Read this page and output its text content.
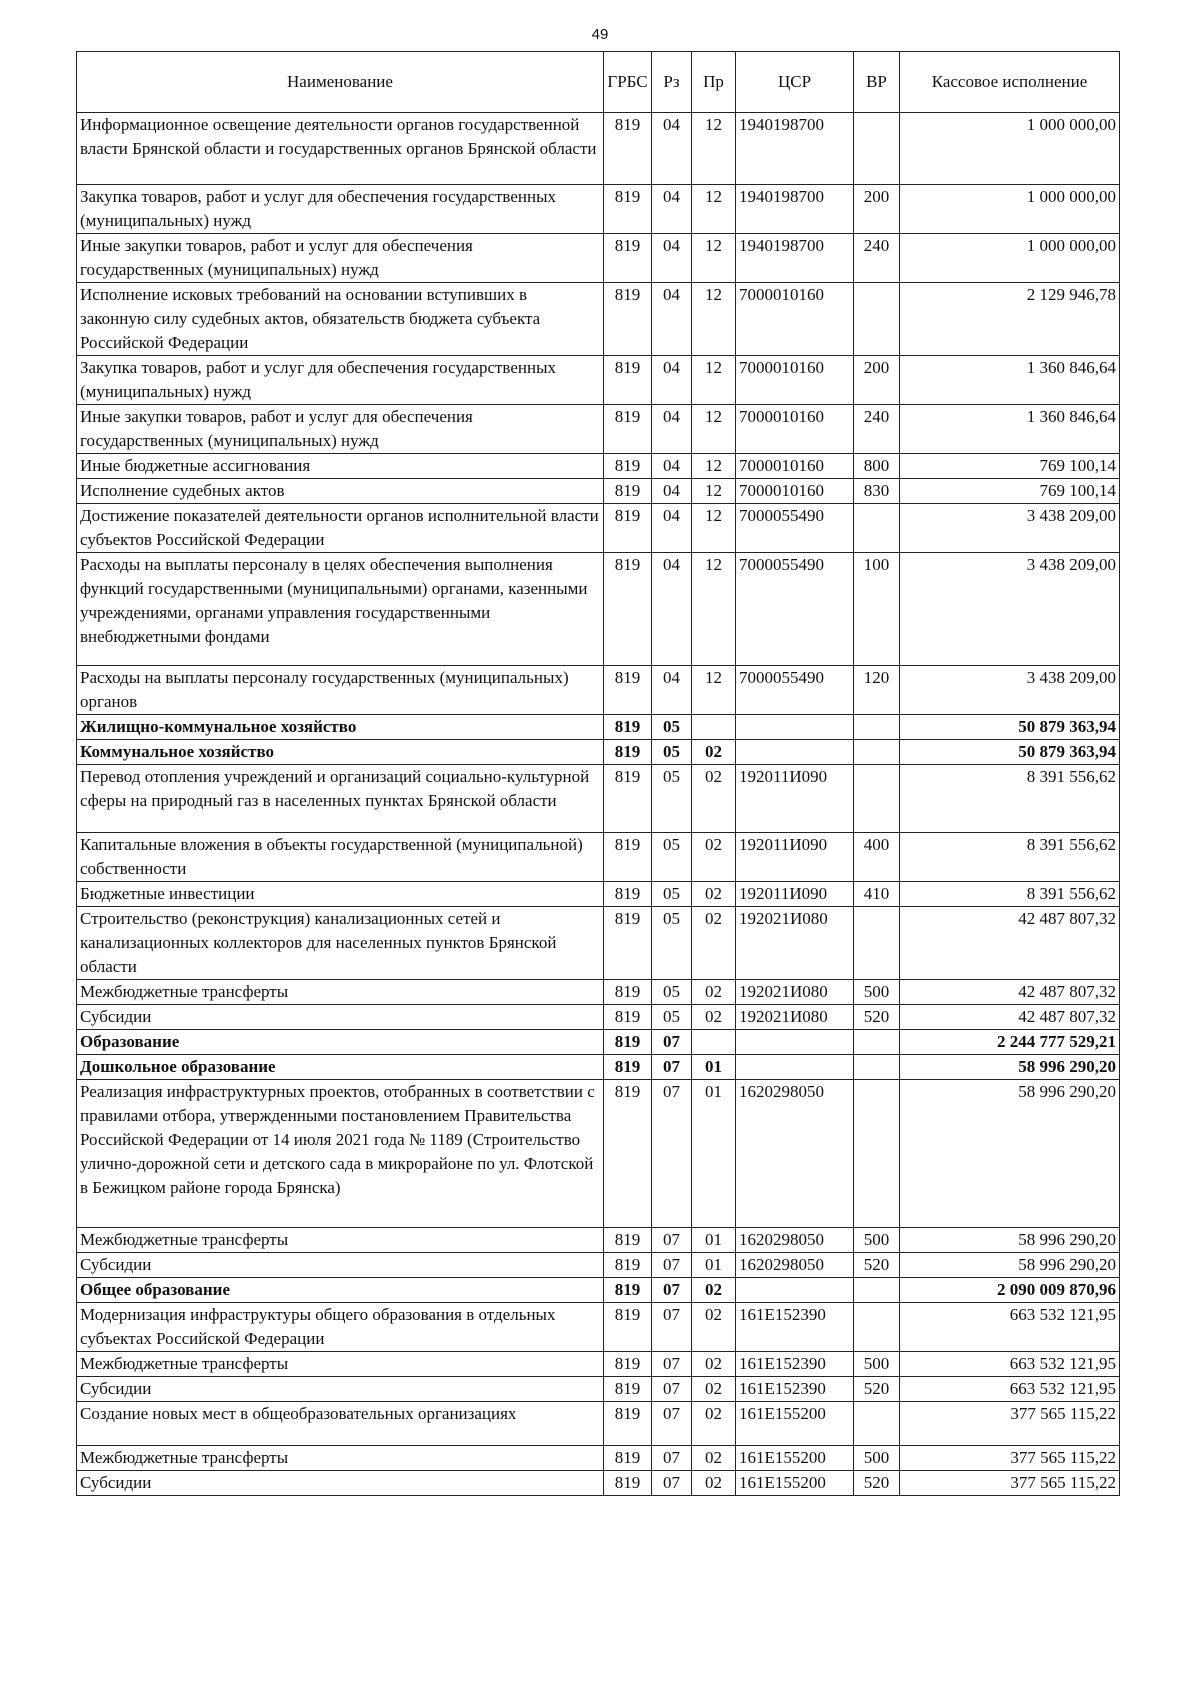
49
Наименование	ГРБС	Рз	Пр	ЦСР	ВР	Кассовое исполнение
Информационное освещение деятельности органов государственной власти Брянской области и государственных органов Брянской области	819	04	12	1940198700		1 000 000,00
Закупка товаров, работ и услуг для обеспечения государственных (муниципальных) нужд	819	04	12	1940198700	200	1 000 000,00
Иные закупки товаров, работ и услуг для обеспечения государственных (муниципальных) нужд	819	04	12	1940198700	240	1 000 000,00
Исполнение исковых требований на основании вступивших в законную силу судебных актов, обязательств бюджета субъекта Российской Федерации	819	04	12	7000010160		2 129 946,78
Закупка товаров, работ и услуг для обеспечения государственных (муниципальных) нужд	819	04	12	7000010160	200	1 360 846,64
Иные закупки товаров, работ и услуг для обеспечения государственных (муниципальных) нужд	819	04	12	7000010160	240	1 360 846,64
Иные бюджетные ассигнования	819	04	12	7000010160	800	769 100,14
Исполнение судебных актов	819	04	12	7000010160	830	769 100,14
Достижение показателей деятельности органов исполнительной власти субъектов Российской Федерации	819	04	12	7000055490		3 438 209,00
Расходы на выплаты персоналу в целях обеспечения выполнения функций государственными (муниципальными) органами, казенными учреждениями, органами управления государственными внебюджетными фондами	819	04	12	7000055490	100	3 438 209,00
Расходы на выплаты персоналу государственных (муниципальных) органов	819	04	12	7000055490	120	3 438 209,00
Жилищно-коммунальное хозяйство	819	05				50 879 363,94
Коммунальное хозяйство	819	05	02			50 879 363,94
Перевод отопления учреждений и организаций социально-культурной сферы на природный газ в населенных пунктах Брянской области	819	05	02	192011И090		8 391 556,62
Капитальные вложения в объекты государственной (муниципальной) собственности	819	05	02	192011И090	400	8 391 556,62
Бюджетные инвестиции	819	05	02	192011И090	410	8 391 556,62
Строительство (реконструкция) канализационных сетей и канализационных коллекторов для населенных пунктов Брянской области	819	05	02	192021И080		42 487 807,32
Межбюджетные трансферты	819	05	02	192021И080	500	42 487 807,32
Субсидии	819	05	02	192021И080	520	42 487 807,32
Образование	819	07				2 244 777 529,21
Дошкольное образование	819	07	01			58 996 290,20
Реализация инфраструктурных проектов, отобранных в соответствии с правилами отбора, утвержденными постановлением Правительства Российской Федерации от 14 июля 2021 года № 1189 (Строительство улично-дорожной сети и детского сада в микрорайоне по ул. Флотской в Бежицком районе города Брянска)	819	07	01	1620298050		58 996 290,20
Межбюджетные трансферты	819	07	01	1620298050	500	58 996 290,20
Субсидии	819	07	01	1620298050	520	58 996 290,20
Общее образование	819	07	02			2 090 009 870,96
Модернизация инфраструктуры общего образования в отдельных субъектах Российской Федерации	819	07	02	161E152390		663 532 121,95
Межбюджетные трансферты	819	07	02	161E152390	500	663 532 121,95
Субсидии	819	07	02	161E152390	520	663 532 121,95
Создание новых мест в общеобразовательных организациях	819	07	02	161E155200		377 565 115,22
Межбюджетные трансферты	819	07	02	161E155200	500	377 565 115,22
Субсидии	819	07	02	161E155200	520	377 565 115,22
